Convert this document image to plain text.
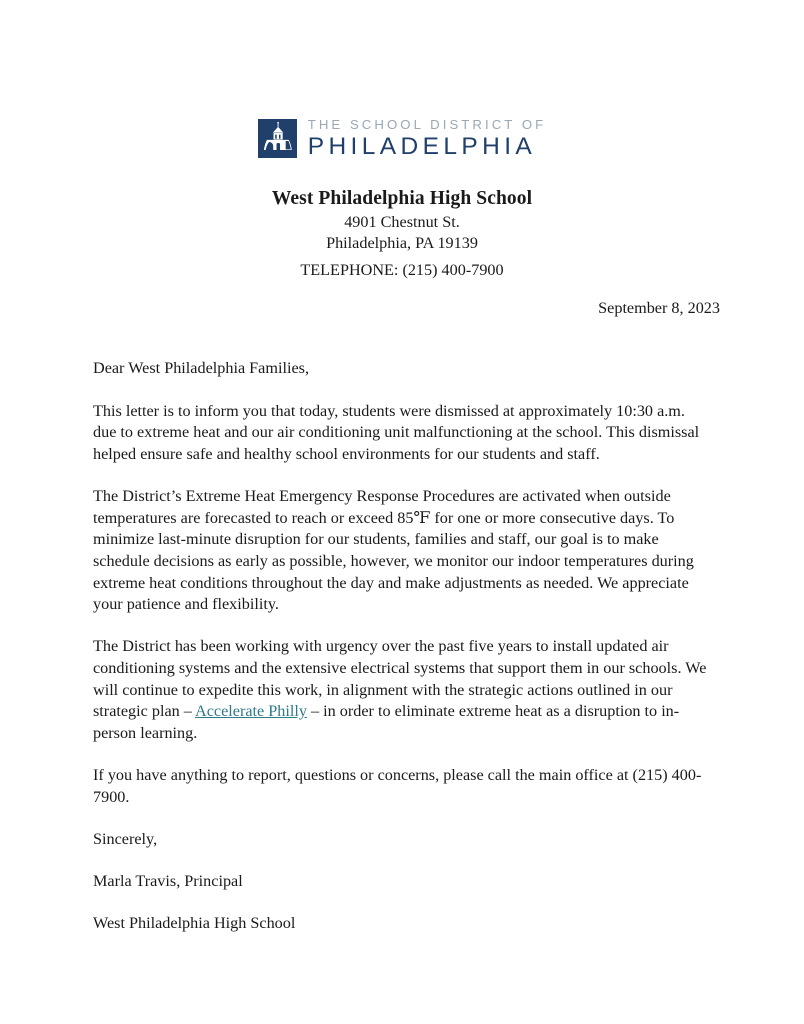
THE SCHOOL DISTRICT OF
PHILADELPHIA
West Philadelphia High School
4901 Chestnut St.
Philadelphia, PA 19139
TELEPHONE: (215) 400-7900
September 8, 2023

Dear West Philadelphia Families,

This letter is to inform you that today, students were dismissed at approximately 10:30 a.m. due to extreme heat and our air conditioning unit malfunctioning at the school. This dismissal helped ensure safe and healthy school environments for our students and staff.

The District’s Extreme Heat Emergency Response Procedures are activated when outside temperatures are forecasted to reach or exceed 85℉ for one or more consecutive days. To minimize last-minute disruption for our students, families and staff, our goal is to make schedule decisions as early as possible, however, we monitor our indoor temperatures during extreme heat conditions throughout the day and make adjustments as needed. We appreciate your patience and flexibility.

The District has been working with urgency over the past five years to install updated air conditioning systems and the extensive electrical systems that support them in our schools. We will continue to expedite this work, in alignment with the strategic actions outlined in our strategic plan – Accelerate Philly – in order to eliminate extreme heat as a disruption to in-person learning.

If you have anything to report, questions or concerns, please call the main office at (215) 400-7900.

Sincerely,

Marla Travis, Principal

West Philadelphia High School
